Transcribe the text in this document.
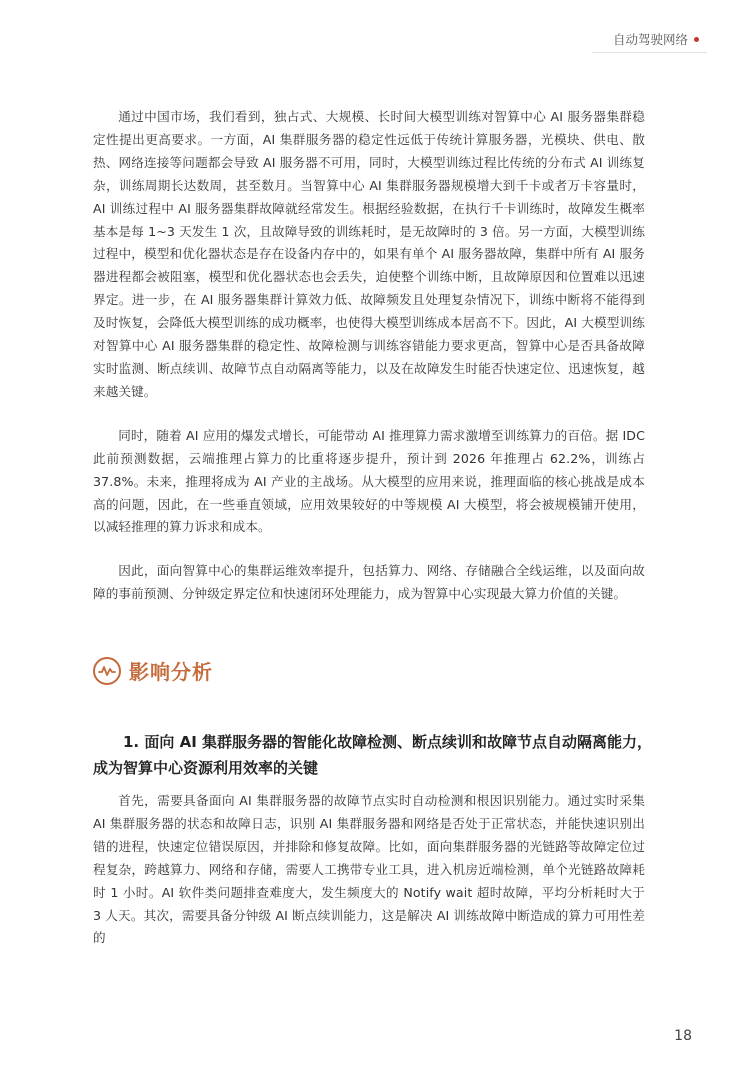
自动驾驶网络

通过中国市场，我们看到，独占式、大规模、长时间大模型训练对智算中心 AI 服务器集群稳定性提出更高要求。一方面，AI 集群服务器的稳定性远低于传统计算服务器，光模块、供电、散热、网络连接等问题都会导致 AI 服务器不可用，同时，大模型训练过程比传统的分布式 AI 训练复杂，训练周期长达数周，甚至数月。当智算中心 AI 集群服务器规模增大到千卡或者万卡容量时，AI 训练过程中 AI 服务器集群故障就经常发生。根据经验数据，在执行千卡训练时，故障发生概率基本是每 1~3 天发生 1 次，且故障导致的训练耗时，是无故障时的 3 倍。另一方面，大模型训练过程中，模型和优化器状态是存在设备内存中的，如果有单个 AI 服务器故障，集群中所有 AI 服务器进程都会被阻塞，模型和优化器状态也会丢失，迫使整个训练中断，且故障原因和位置难以迅速界定。进一步，在 AI 服务器集群计算效力低、故障频发且处理复杂情况下，训练中断将不能得到及时恢复，会降低大模型训练的成功概率，也使得大模型训练成本居高不下。因此，AI 大模型训练对智算中心 AI 服务器集群的稳定性、故障检测与训练容错能力要求更高，智算中心是否具备故障实时监测、断点续训、故障节点自动隔离等能力，以及在故障发生时能否快速定位、迅速恢复，越来越关键。

同时，随着 AI 应用的爆发式增长，可能带动 AI 推理算力需求激增至训练算力的百倍。据 IDC 此前预测数据，云端推理占算力的比重将逐步提升，预计到 2026 年推理占 62.2%，训练占 37.8%。未来，推理将成为 AI 产业的主战场。从大模型的应用来说，推理面临的核心挑战是成本高的问题，因此，在一些垂直领域，应用效果较好的中等规模 AI 大模型，将会被规模铺开使用，以减轻推理的算力诉求和成本。

因此，面向智算中心的集群运维效率提升，包括算力、网络、存储融合全线运维，以及面向故障的事前预测、分钟级定界定位和快速闭环处理能力，成为智算中心实现最大算力价值的关键。

影响分析
1. 面向 AI 集群服务器的智能化故障检测、断点续训和故障节点自动隔离能力，成为智算中心资源利用效率的关键

首先，需要具备面向 AI 集群服务器的故障节点实时自动检测和根因识别能力。通过实时采集 AI 集群服务器的状态和故障日志，识别 AI 集群服务器和网络是否处于正常状态，并能快速识别出错的进程，快速定位错误原因，并排除和修复故障。比如，面向集群服务器的光链路等故障定位过程复杂，跨越算力、网络和存储，需要人工携带专业工具，进入机房近端检测，单个光链路故障耗时 1 小时。AI 软件类问题排查难度大，发生频度大的 Notify wait 超时故障，平均分析耗时大于 3 人天。其次，需要具备分钟级 AI 断点续训能力，这是解决 AI 训练故障中断造成的算力可用性差的

18
